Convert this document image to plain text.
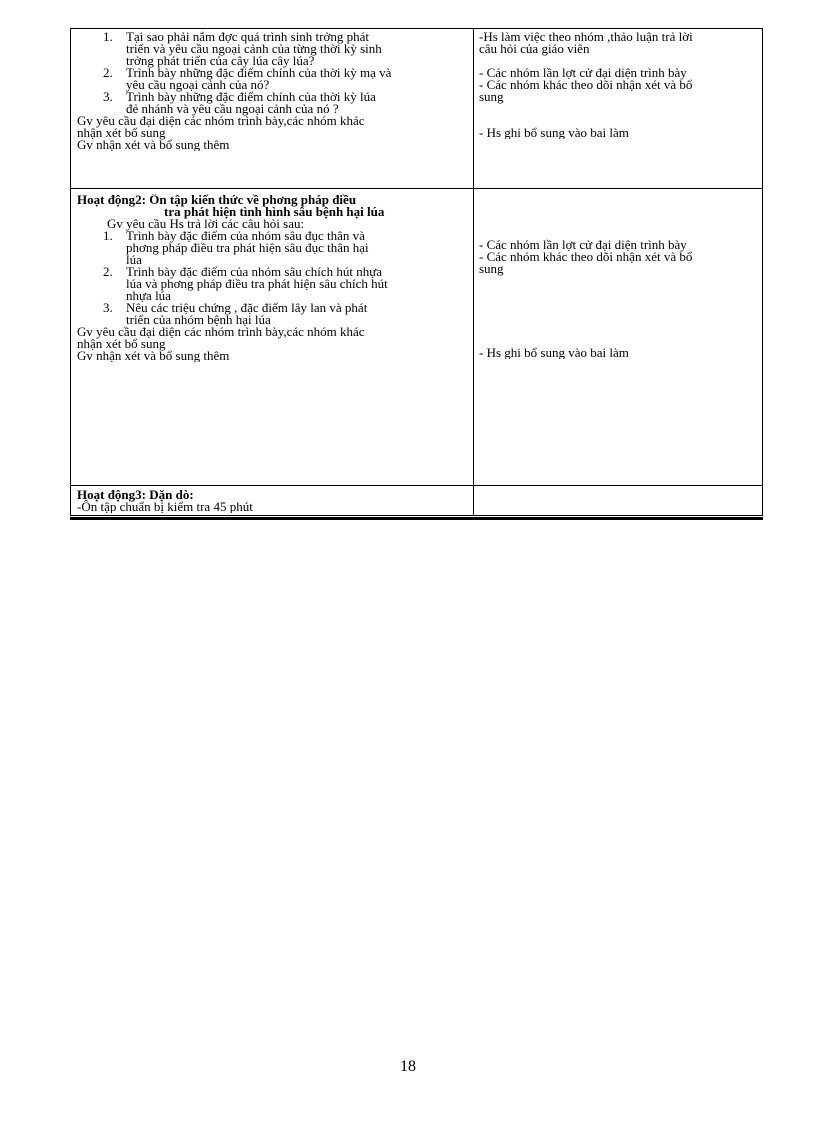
1. Tại sao phải nắm đợc quá trình sinh trởng phát
triển và yêu cầu ngoại cảnh của từng thời kỳ sinh
trởng phát triển của cây lúa cây lúa?
2. Trình bày những đặc điểm chính của thời kỳ mạ và
yêu cầu ngoại cảnh của nó?
3. Trình bày những đặc điểm chính của thời kỳ lúa
đẻ nhánh và yêu cầu ngoại cảnh của nó ?
Gv yêu cầu đại diện các nhóm trình bày,các nhóm khác
nhận xét bổ sung
Gv nhận xét và bổ sung thêm
-Hs làm việc theo nhóm ,thảo luận trả lời
câu hỏi của giáo viên
- Các nhóm lần lợt cử đại diện trình bày
- Các nhóm khác theo dõi nhận xét và bổ
sung
- Hs ghi bổ sung vào bai làm
Hoạt động2: Ôn tập kiến thức về phơng pháp điều
tra phát hiện tình hình sâu bệnh hại lúa
Gv yêu cầu Hs trả lời các câu hỏi sau:
1. Trình bày đặc điểm của nhóm sâu đục thân và
phơng pháp điều tra phát hiện sâu đục thân hại
lúa
2. Trình bày đặc điểm của nhóm sâu chích hút nhựa
lúa và phơng pháp điều tra phát hiện sâu chích hút
nhựa lúa
3. Nêu các triệu chứng , đặc điểm lây lan và phát
triển của nhóm bệnh hại lúa
Gv yêu cầu đại diện các nhóm trình bày,các nhóm khác
nhận xét bổ sung
Gv nhận xét và bổ sung thêm
- Các nhóm lần lợt cử đại diện trình bày
- Các nhóm khác theo dõi nhận xét và bổ
sung
- Hs ghi bổ sung vào bai làm
Hoạt động3: Dặn dò:
-Ôn tập chuẩn bị kiểm tra 45 phút
18
